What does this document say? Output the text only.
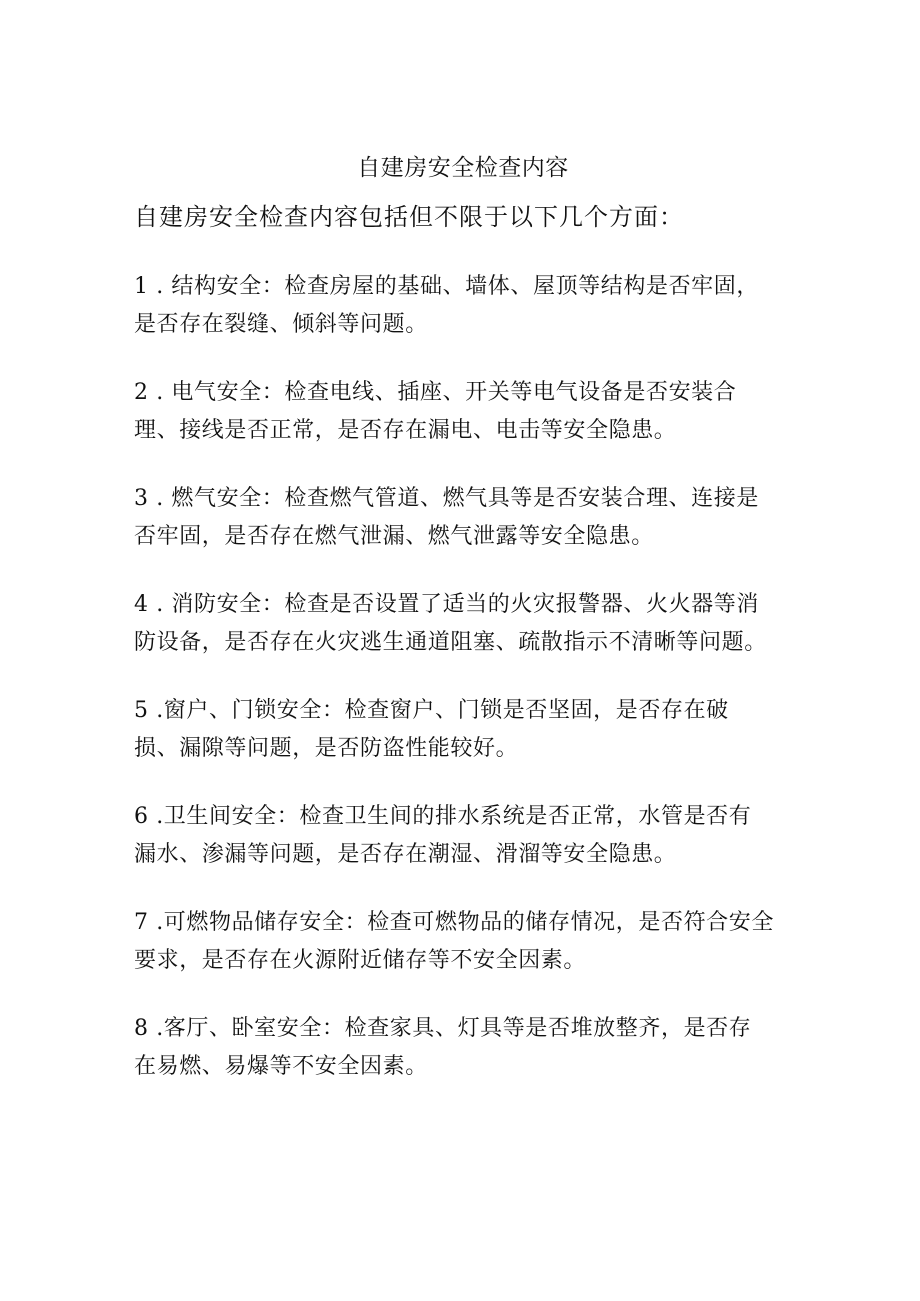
自建房安全检查内容
自建房安全检查内容包括但不限于以下几个方面：
1 . 结构安全：检查房屋的基础、墙体、屋顶等结构是否牢固，
是否存在裂缝、倾斜等问题。
2 . 电气安全：检查电线、插座、开关等电气设备是否安装合
理、接线是否正常，是否存在漏电、电击等安全隐患。
3 . 燃气安全：检查燃气管道、燃气具等是否安装合理、连接是
否牢固，是否存在燃气泄漏、燃气泄露等安全隐患。
4 . 消防安全：检查是否设置了适当的火灾报警器、火火器等消
防设备，是否存在火灾逃生通道阻塞、疏散指示不清晰等问题。
5 .窗户、门锁安全：检查窗户、门锁是否坚固，是否存在破
损、漏隙等问题，是否防盗性能较好。
6 .卫生间安全：检查卫生间的排水系统是否正常，水管是否有
漏水、渗漏等问题，是否存在潮湿、滑溜等安全隐患。
7 .可燃物品储存安全：检查可燃物品的储存情况，是否符合安全
要求，是否存在火源附近储存等不安全因素。
8 .客厅、卧室安全：检查家具、灯具等是否堆放整齐，是否存
在易燃、易爆等不安全因素。
